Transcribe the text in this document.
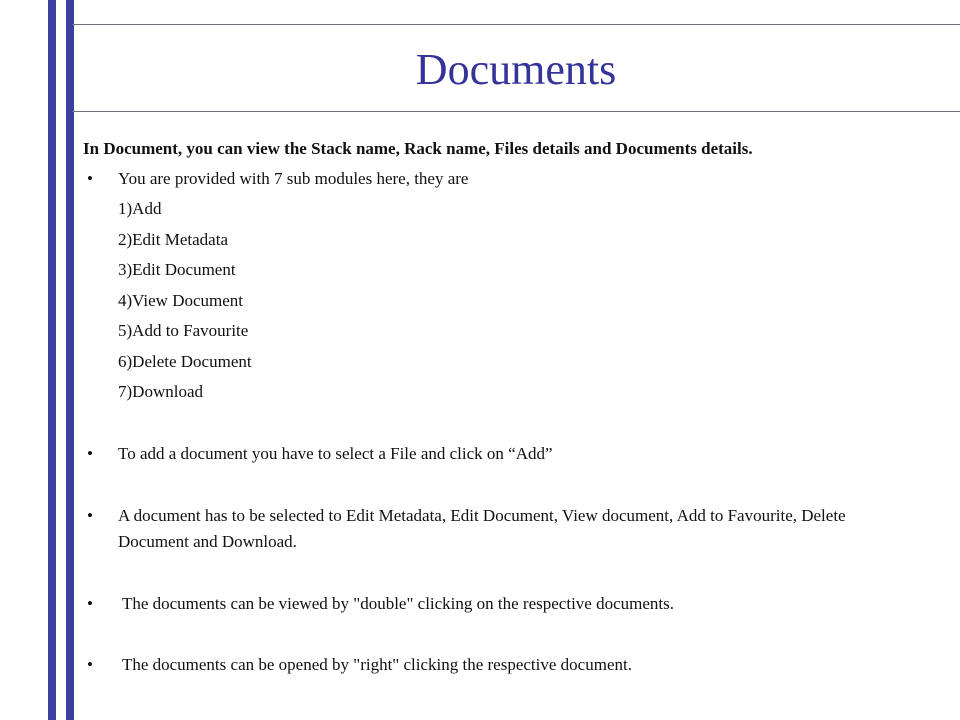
Documents
In Document, you can view the Stack name, Rack name, Files details and Documents details.
• You are provided with 7 sub modules here, they are
1)Add
2)Edit Metadata
3)Edit Document
4)View Document
5)Add to Favourite
6)Delete Document
7)Download
• To add a document you have to select a File and click on “Add”
• A document has to be selected to Edit Metadata, Edit Document, View document, Add to Favourite, Delete Document and Download.
• The documents can be viewed by "double" clicking on the respective documents.
• The documents can be opened by "right" clicking the respective document.
